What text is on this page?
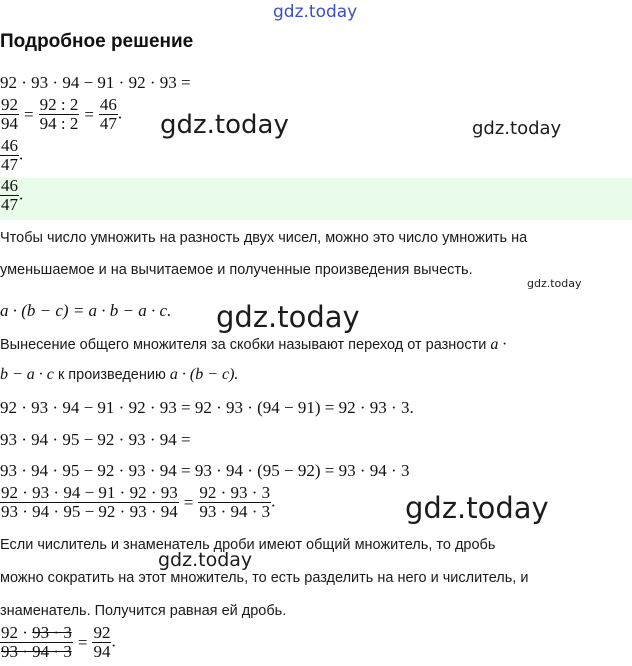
gdz.today
Подробное решение
92 · 93 · 94 − 91 · 92 · 93 =
$\frac{92}{94} = \frac{92 : 2}{94 : 2} = \frac{46}{47}$ .
$\frac{46}{47}$ .
$\frac{46}{47}$ .
Чтобы число умножить на разность двух чисел, можно это число умножить на
уменьшаемое и на вычитаемое и полученные произведения вычесть.
a · (b − c) = a · b − a · c.
Вынесение общего множителя за скобки называют переход от разности a ·
b − a · c к произведению a · (b − c).
92 · 93 · 94 − 91 · 92 · 93 = 92 · 93 · (94 − 91) = 92 · 93 · 3.
93 · 94 · 95 − 92 · 93 · 94 =
93 · 94 · 95 − 92 · 93 · 94 = 93 · 94 · (95 − 92) = 93 · 94 · 3
$\frac{92 \cdot 93 \cdot 94 - 91 \cdot 92 \cdot 93}{93 \cdot 94 \cdot 95 - 92 \cdot 93 \cdot 94} = \frac{92 \cdot 93 \cdot 3}{93 \cdot 94 \cdot 3}$ .
Если числитель и знаменатель дроби имеют общий множитель, то дробь
можно сократить на этот множитель, то есть разделить на него и числитель, и
знаменатель. Получится равная ей дробь.
$\frac{92 \cdot 93 \cdot 3}{93 \cdot 94 \cdot 3} = \frac{92}{94}$ .
gdz.today	gdz.today
gdz.today
gdz.today
gdz.today
gdz.today
